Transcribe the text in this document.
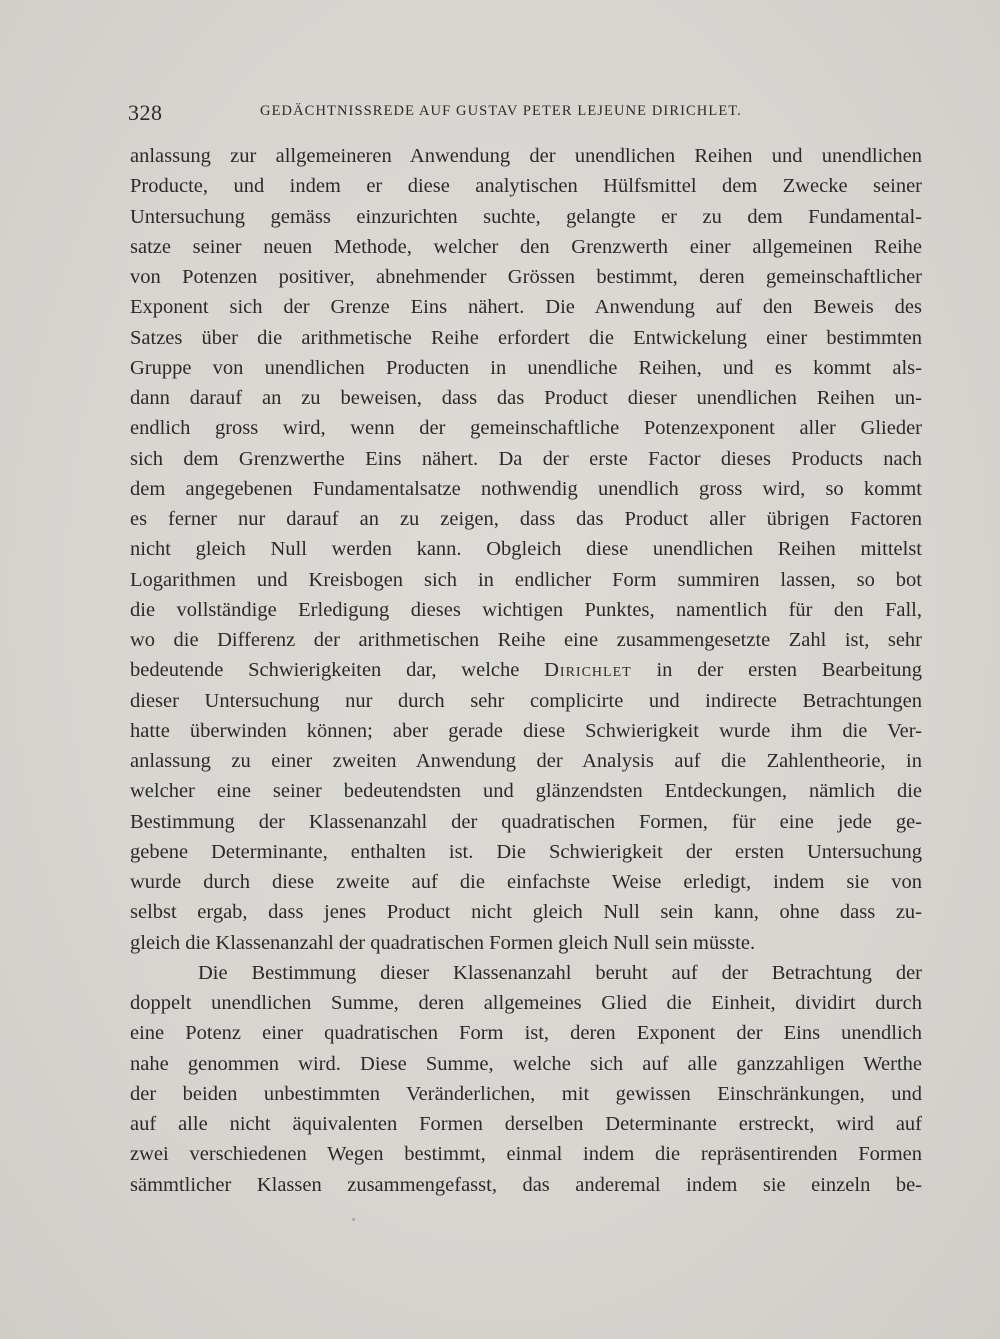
328	GEDÄCHTNISSREDE AUF GUSTAV PETER LEJEUNE DIRICHLET.
anlassung zur allgemeineren Anwendung der unendlichen Reihen und unendlichen
Producte, und indem er diese analytischen Hülfsmittel dem Zwecke seiner
Untersuchung gemäss einzurichten suchte, gelangte er zu dem Fundamental-
satze seiner neuen Methode, welcher den Grenzwerth einer allgemeinen Reihe
von Potenzen positiver, abnehmender Grössen bestimmt, deren gemeinschaftlicher
Exponent sich der Grenze Eins nähert. Die Anwendung auf den Beweis des
Satzes über die arithmetische Reihe erfordert die Entwickelung einer bestimmten
Gruppe von unendlichen Producten in unendliche Reihen, und es kommt als-
dann darauf an zu beweisen, dass das Product dieser unendlichen Reihen un-
endlich gross wird, wenn der gemeinschaftliche Potenzexponent aller Glieder
sich dem Grenzwerthe Eins nähert. Da der erste Factor dieses Products nach
dem angegebenen Fundamentalsatze nothwendig unendlich gross wird, so kommt
es ferner nur darauf an zu zeigen, dass das Product aller übrigen Factoren
nicht gleich Null werden kann. Obgleich diese unendlichen Reihen mittelst
Logarithmen und Kreisbogen sich in endlicher Form summiren lassen, so bot
die vollständige Erledigung dieses wichtigen Punktes, namentlich für den Fall,
wo die Differenz der arithmetischen Reihe eine zusammengesetzte Zahl ist, sehr
bedeutende Schwierigkeiten dar, welche Dirichlet in der ersten Bearbeitung
dieser Untersuchung nur durch sehr complicirte und indirecte Betrachtungen
hatte überwinden können; aber gerade diese Schwierigkeit wurde ihm die Ver-
anlassung zu einer zweiten Anwendung der Analysis auf die Zahlentheorie, in
welcher eine seiner bedeutendsten und glänzendsten Entdeckungen, nämlich die
Bestimmung der Klassenanzahl der quadratischen Formen, für eine jede ge-
gebene Determinante, enthalten ist. Die Schwierigkeit der ersten Untersuchung
wurde durch diese zweite auf die einfachste Weise erledigt, indem sie von
selbst ergab, dass jenes Product nicht gleich Null sein kann, ohne dass zu-
gleich die Klassenanzahl der quadratischen Formen gleich Null sein müsste.
Die Bestimmung dieser Klassenanzahl beruht auf der Betrachtung der
doppelt unendlichen Summe, deren allgemeines Glied die Einheit, dividirt durch
eine Potenz einer quadratischen Form ist, deren Exponent der Eins unendlich
nahe genommen wird. Diese Summe, welche sich auf alle ganzzahligen Werthe
der beiden unbestimmten Veränderlichen, mit gewissen Einschränkungen, und
auf alle nicht äquivalenten Formen derselben Determinante erstreckt, wird auf
zwei verschiedenen Wegen bestimmt, einmal indem die repräsentirenden Formen
sämmtlicher Klassen zusammengefasst, das anderemal indem sie einzeln be-
